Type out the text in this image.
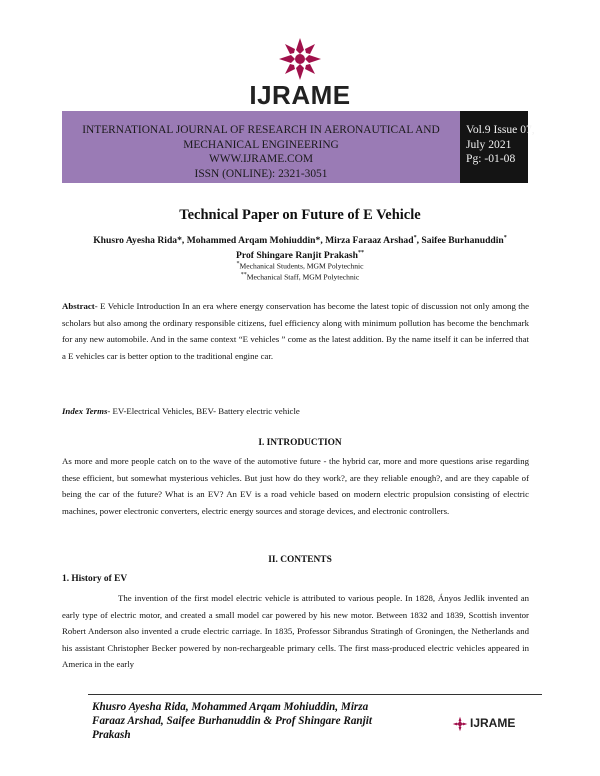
IJRAME
INTERNATIONAL JOURNAL OF RESEARCH IN AERONAUTICAL AND
MECHANICAL ENGINEERING
WWW.IJRAME.COM
ISSN (ONLINE): 2321-3051
Vol.9 Issue 07,
July 2021
Pg: -01-08
Technical Paper on Future of E Vehicle
Khusro Ayesha Rida*, Mohammed Arqam Mohiuddin*, Mirza Faraaz Arshad*, Saifee Burhanuddin*
Prof Shingare Ranjit Prakash**
*Mechanical Students, MGM Polytechnic
**Mechanical Staff, MGM Polytechnic
Abstract- E Vehicle Introduction In an era where energy conservation has become the latest topic of discussion not only among the scholars but also among the ordinary responsible citizens, fuel efficiency along with minimum pollution has become the benchmark for any new automobile. And in the same context “E vehicles ” come as the latest addition. By the name itself it can be inferred that a E vehicles car is better option to the traditional engine car.
Index Terms- EV-Electrical Vehicles, BEV- Battery electric vehicle
I. INTRODUCTION
As more and more people catch on to the wave of the automotive future - the hybrid car, more and more questions arise regarding these efficient, but somewhat mysterious vehicles. But just how do they work?, are they reliable enough?, and are they capable of being the car of the future? What is an EV? An EV is a road vehicle based on modern electric propulsion consisting of electric machines, power electronic converters, electric energy sources and storage devices, and electronic controllers.
II. CONTENTS
1. History of EV
The invention of the first model electric vehicle is attributed to various people. In 1828, Ányos Jedlik invented an early type of electric motor, and created a small model car powered by his new motor. Between 1832 and 1839, Scottish inventor Robert Anderson also invented a crude electric carriage. In 1835, Professor Sibrandus Stratingh of Groningen, the Netherlands and his assistant Christopher Becker powered by non-rechargeable primary cells. The first mass-produced electric vehicles appeared in America in the early
Khusro Ayesha Rida, Mohammed Arqam Mohiuddin, Mirza Faraaz Arshad, Saifee Burhanuddin & Prof Shingare Ranjit Prakash
IJRAME
